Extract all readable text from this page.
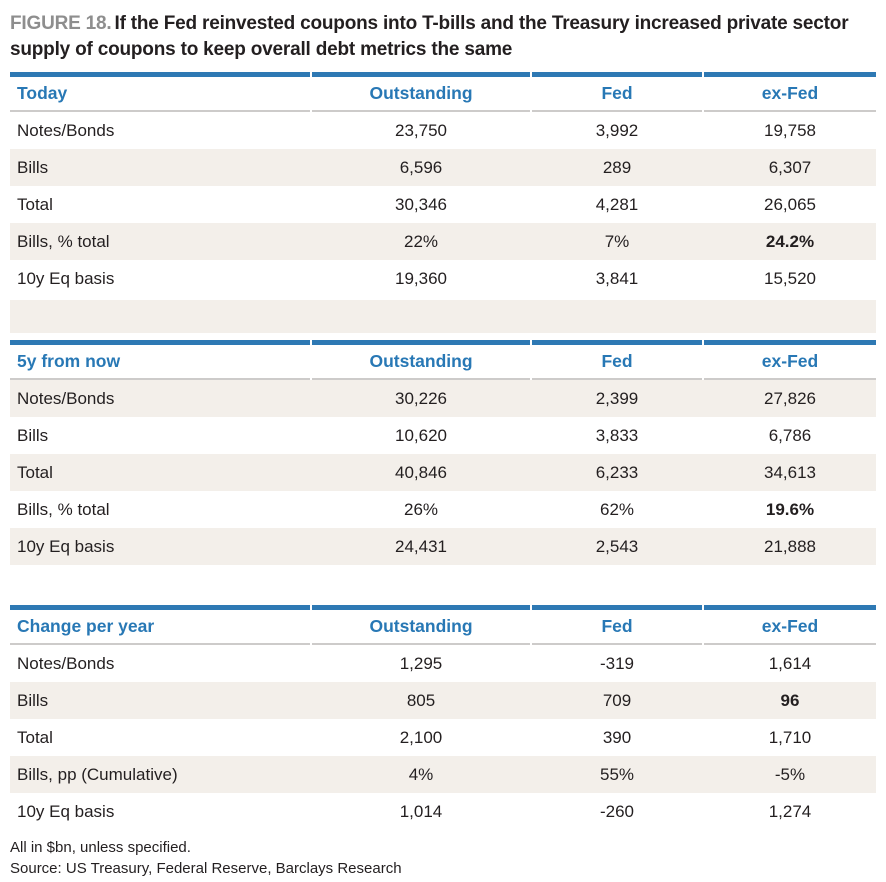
FIGURE 18. If the Fed reinvested coupons into T-bills and the Treasury increased private sector supply of coupons to keep overall debt metrics the same
Today	Outstanding	Fed	ex-Fed
Notes/Bonds	23,750	3,992	19,758
Bills	6,596	289	6,307
Total	30,346	4,281	26,065
Bills, % total	22%	7%	24.2%
10y Eq basis	19,360	3,841	15,520
5y from now	Outstanding	Fed	ex-Fed
Notes/Bonds	30,226	2,399	27,826
Bills	10,620	3,833	6,786
Total	40,846	6,233	34,613
Bills, % total	26%	62%	19.6%
10y Eq basis	24,431	2,543	21,888
Change per year	Outstanding	Fed	ex-Fed
Notes/Bonds	1,295	-319	1,614
Bills	805	709	96
Total	2,100	390	1,710
Bills, pp (Cumulative)	4%	55%	-5%
10y Eq basis	1,014	-260	1,274
All in $bn, unless specified.
Source: US Treasury, Federal Reserve, Barclays Research
